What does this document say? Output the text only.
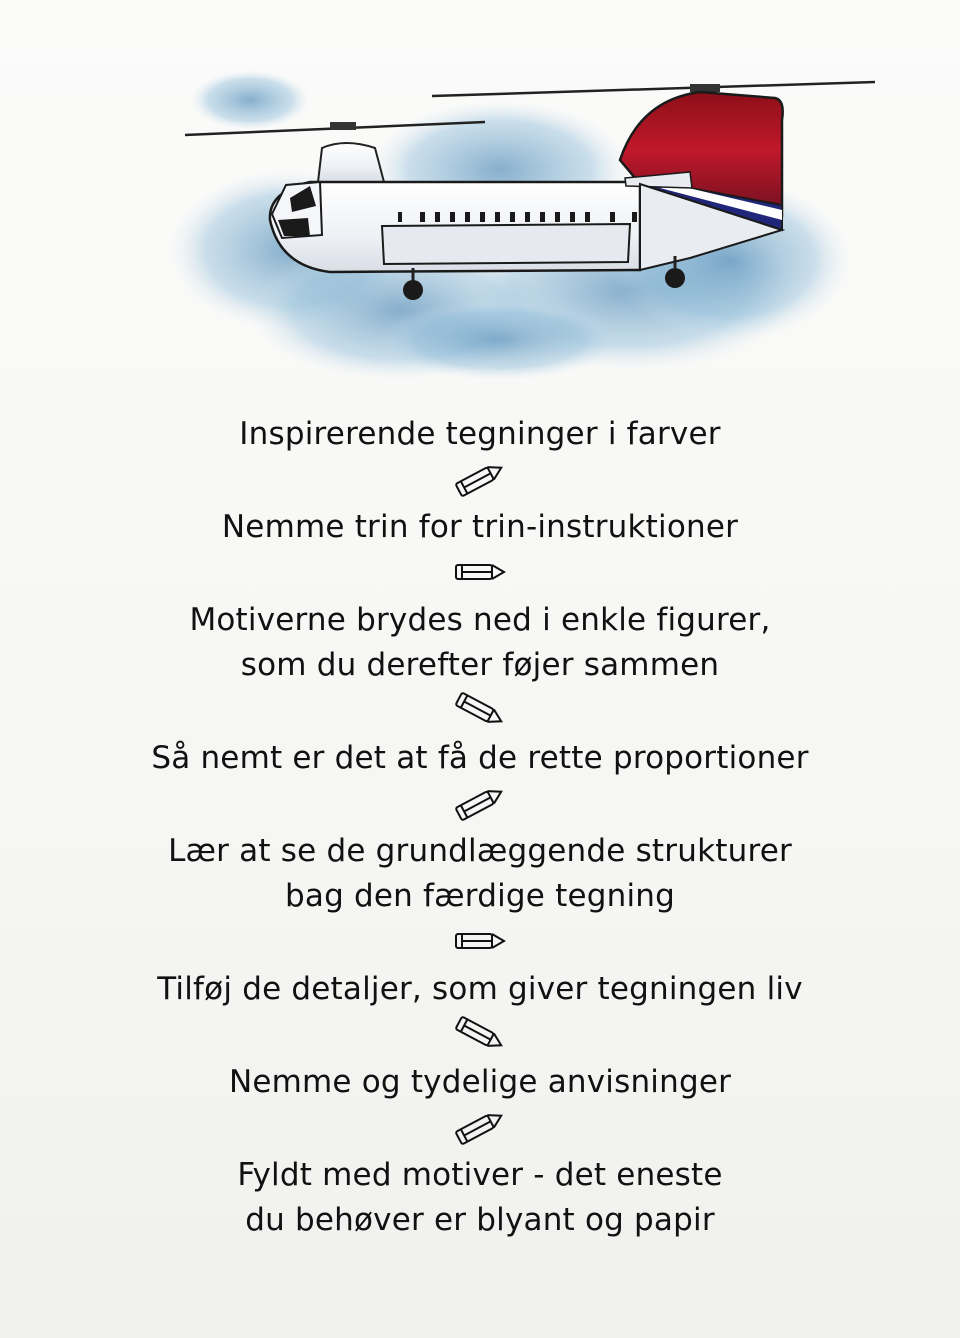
Inspirerende tegninger i farver

Nemme trin for trin-instruktioner

Motiverne brydes ned i enkle figurer,

som du derefter føjer sammen

Så nemt er det at få de rette proportioner

Lær at se de grundlæggende strukturer

bag den færdige tegning

Tilføj de detaljer, som giver tegningen liv

Nemme og tydelige anvisninger

Fyldt med motiver - det eneste

du behøver er blyant og papir
